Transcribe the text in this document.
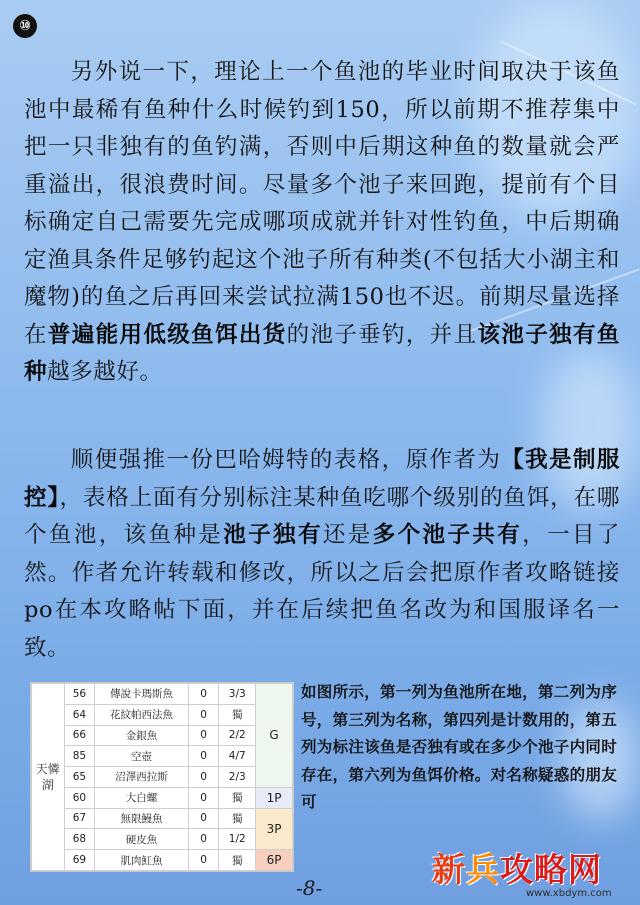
⑩

另外说一下，理论上一个鱼池的毕业时间取决于该鱼池中最稀有鱼种什么时候钓到150，所以前期不推荐集中把一只非独有的鱼钓满，否则中后期这种鱼的数量就会严重溢出，很浪费时间。尽量多个池子来回跑，提前有个目标确定自己需要先完成哪项成就并针对性钓鱼，中后期确定渔具条件足够钓起这个池子所有种类(不包括大小湖主和魔物)的鱼之后再回来尝试拉满150也不迟。前期尽量选择在普遍能用低级鱼饵出货的池子垂钓，并且该池子独有鱼种越多越好。

顺便强推一份巴哈姆特的表格，原作者为【我是制服控】，表格上面有分别标注某种鱼吃哪个级别的鱼饵，在哪个鱼池，该鱼种是池子独有还是多个池子共有，一目了然。作者允许转载和修改，所以之后会把原作者攻略链接po在本攻略帖下面，并在后续把鱼名改为和国服译名一致。

天憐湖	56	傳說卡瑪斯魚	0	3/3	G
	64	花紋帕西法魚	0	獨	
	66	金銀魚	0	2/2	
	85	空壺	0	4/7	
	65	沼澤西拉斯	0	2/3	
	60	大白螺	0	獨	1P
	67	無限鰻魚	0	獨	3P
	68	硬皮魚	0	1/2	
	69	肌肉魟魚	0	獨	6P

如图所示，第一列为鱼池所在地，第二列为序号，第三列为名称，第四列是计数用的，第五列为标注该鱼是否独有或在多少个池子内同时存在，第六列为鱼饵价格。对名称疑惑的朋友可

-8-	新兵攻略网
www.xbdym.com
